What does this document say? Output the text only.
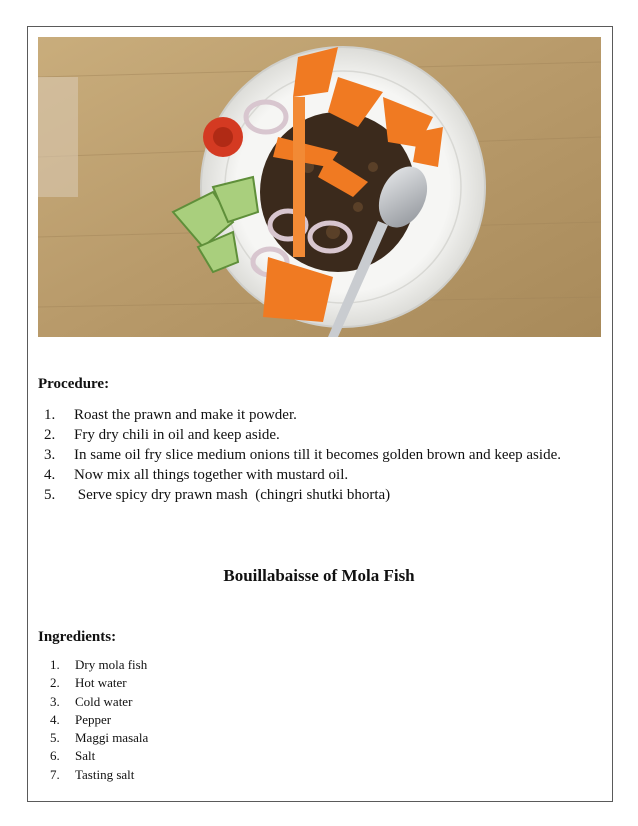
Procedure:

1.	Roast the prawn and make it powder.
2.	Fry dry chili in oil and keep aside.
3.	In same oil fry slice medium onions till it becomes golden brown and keep aside.
4.	Now mix all things together with mustard oil.
5.	Serve spicy dry prawn mash  (chingri shutki bhorta)
Bouillabaisse of Mola Fish

Ingredients:

1.	Dry mola fish
2.	Hot water
3.	Cold water
4.	Pepper
5.	Maggi masala
6.	Salt
7.	Tasting salt
